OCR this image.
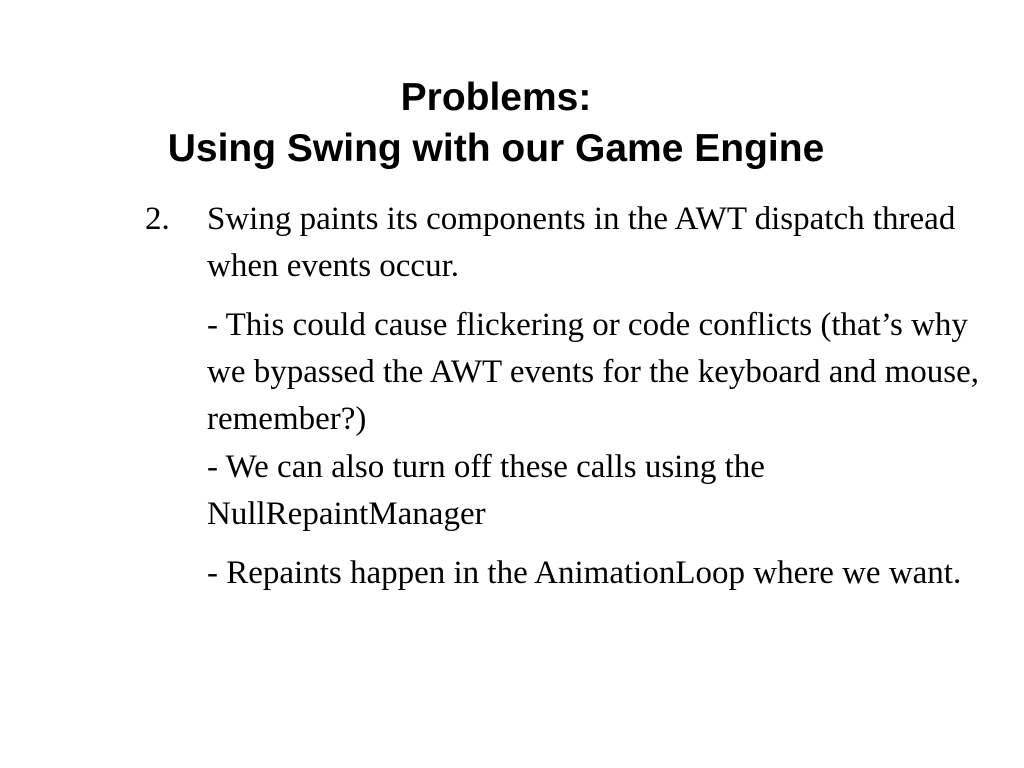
Problems:
Using Swing with our Game Engine
2. Swing paints its components in the AWT dispatch thread when events occur.
- This could cause flickering or code conflicts (that’s why we bypassed the AWT events for the keyboard and mouse, remember?)
- We can also turn off these calls using the NullRepaintManager
- Repaints happen in the AnimationLoop where we want.
